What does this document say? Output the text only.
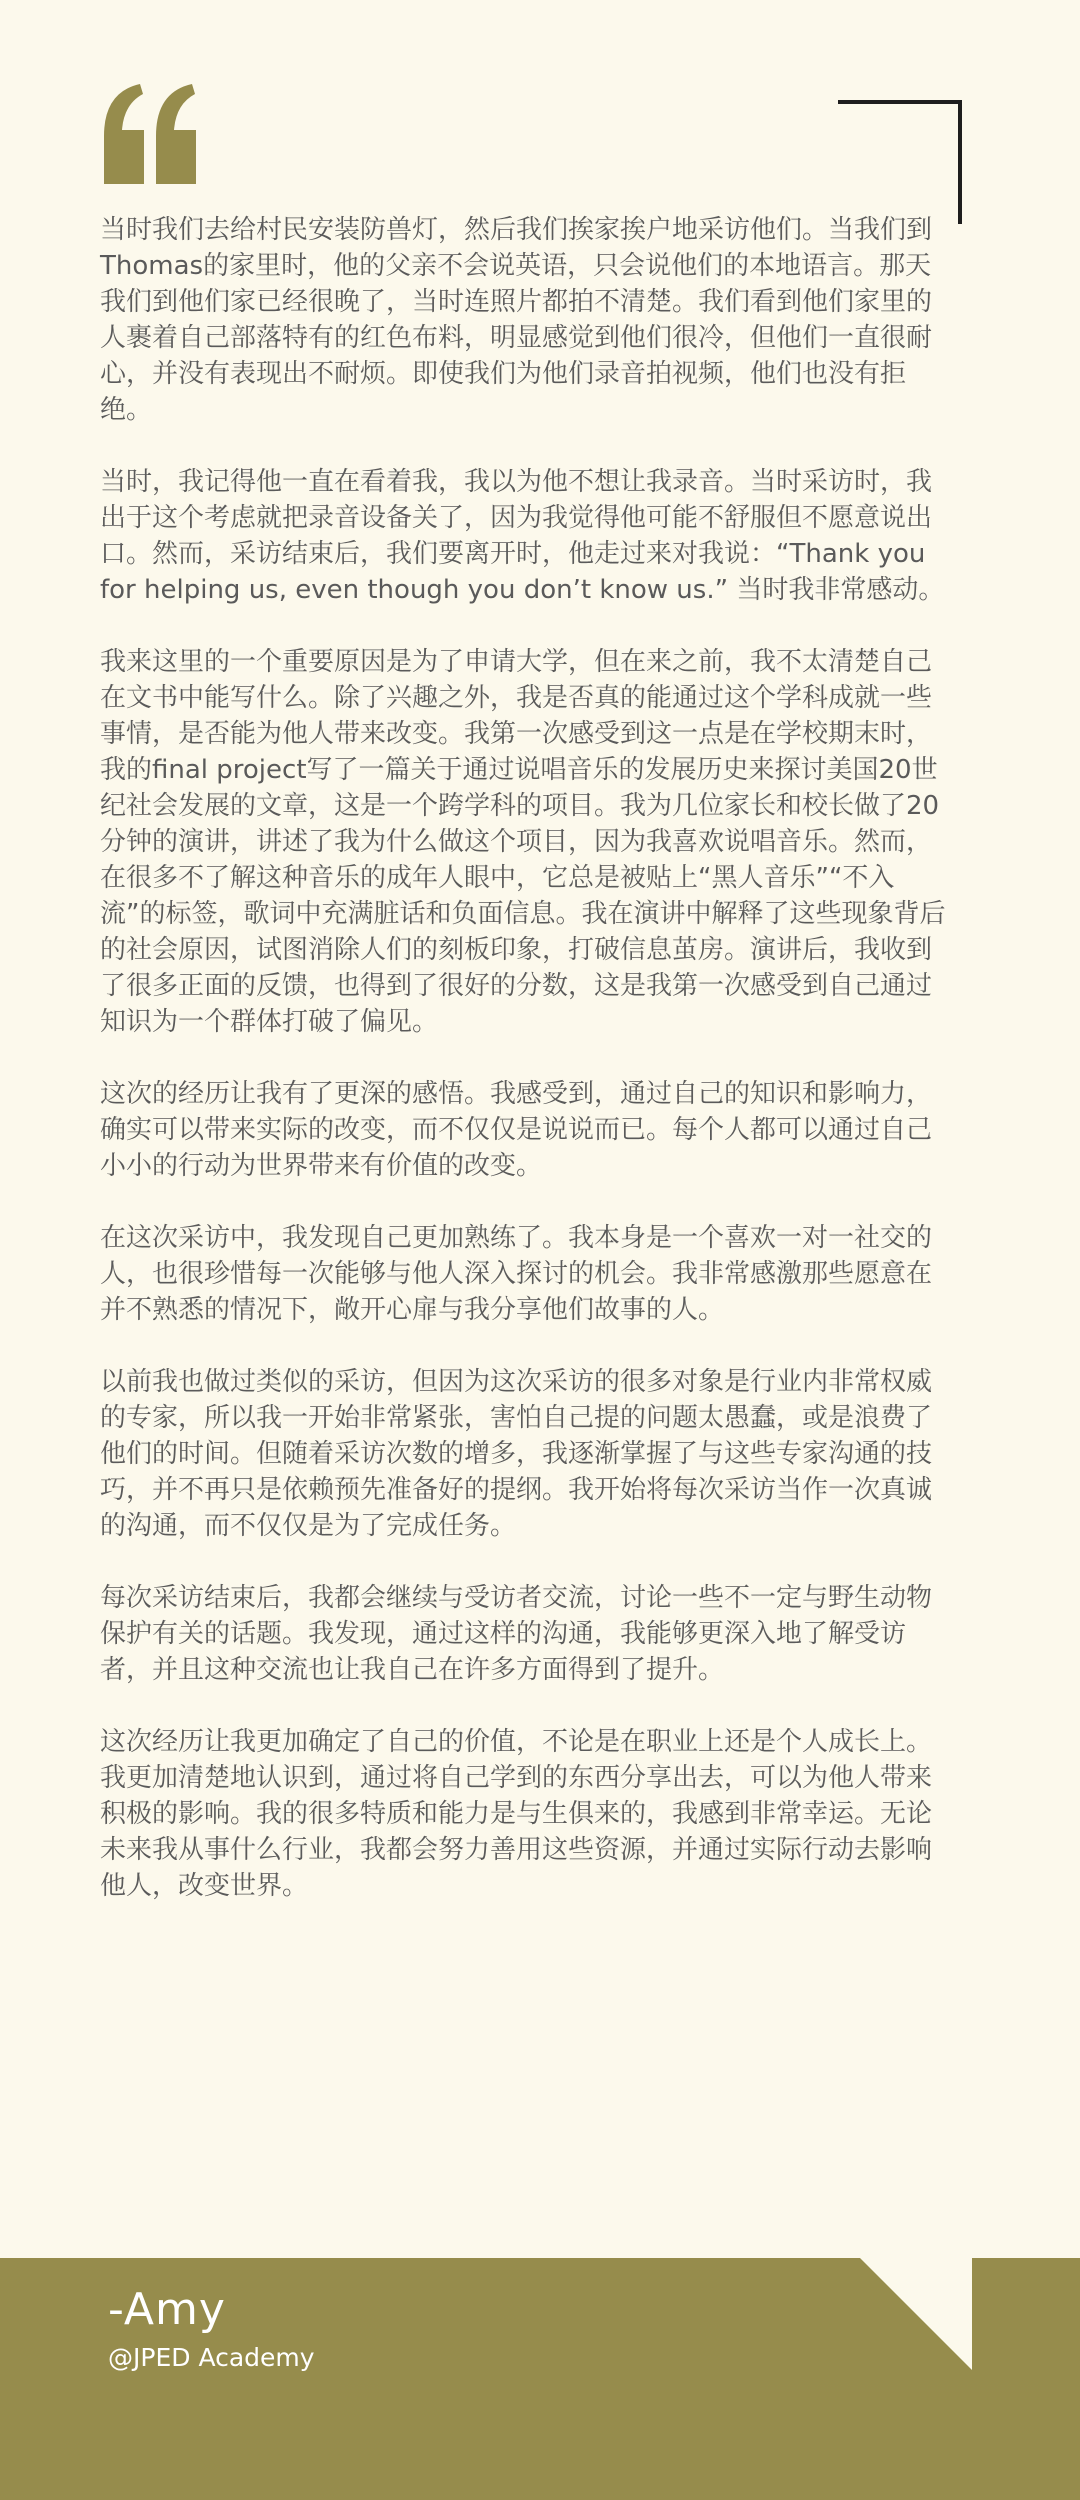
当时我们去给村民安装防兽灯，然后我们挨家挨户地采访他们。当我们到Thomas的家里时，他的父亲不会说英语，只会说他们的本地语言。那天我们到他们家已经很晚了，当时连照片都拍不清楚。我们看到他们家里的人裹着自己部落特有的红色布料，明显感觉到他们很冷，但他们一直很耐心，并没有表现出不耐烦。即使我们为他们录音拍视频，他们也没有拒绝。

当时，我记得他一直在看着我，我以为他不想让我录音。当时采访时，我出于这个考虑就把录音设备关了，因为我觉得他可能不舒服但不愿意说出口。然而，采访结束后，我们要离开时，他走过来对我说：“Thank you for helping us, even though you don’t know us.” 当时我非常感动。

我来这里的一个重要原因是为了申请大学，但在来之前，我不太清楚自己在文书中能写什么。除了兴趣之外，我是否真的能通过这个学科成就一些事情，是否能为他人带来改变。我第一次感受到这一点是在学校期末时，我的final project写了一篇关于通过说唱音乐的发展历史来探讨美国20世纪社会发展的文章，这是一个跨学科的项目。我为几位家长和校长做了20分钟的演讲，讲述了我为什么做这个项目，因为我喜欢说唱音乐。然而，在很多不了解这种音乐的成年人眼中，它总是被贴上“黑人音乐”“不入流”的标签，歌词中充满脏话和负面信息。我在演讲中解释了这些现象背后的社会原因，试图消除人们的刻板印象，打破信息茧房。演讲后，我收到了很多正面的反馈，也得到了很好的分数，这是我第一次感受到自己通过知识为一个群体打破了偏见。

这次的经历让我有了更深的感悟。我感受到，通过自己的知识和影响力，确实可以带来实际的改变，而不仅仅是说说而已。每个人都可以通过自己小小的行动为世界带来有价值的改变。

在这次采访中，我发现自己更加熟练了。我本身是一个喜欢一对一社交的人，也很珍惜每一次能够与他人深入探讨的机会。我非常感激那些愿意在并不熟悉的情况下，敞开心扉与我分享他们故事的人。

以前我也做过类似的采访，但因为这次采访的很多对象是行业内非常权威的专家，所以我一开始非常紧张，害怕自己提的问题太愚蠢，或是浪费了他们的时间。但随着采访次数的增多，我逐渐掌握了与这些专家沟通的技巧，并不再只是依赖预先准备好的提纲。我开始将每次采访当作一次真诚的沟通，而不仅仅是为了完成任务。

每次采访结束后，我都会继续与受访者交流，讨论一些不一定与野生动物保护有关的话题。我发现，通过这样的沟通，我能够更深入地了解受访者，并且这种交流也让我自己在许多方面得到了提升。

这次经历让我更加确定了自己的价值，不论是在职业上还是个人成长上。我更加清楚地认识到，通过将自己学到的东西分享出去，可以为他人带来积极的影响。我的很多特质和能力是与生俱来的，我感到非常幸运。无论未来我从事什么行业，我都会努力善用这些资源，并通过实际行动去影响他人，改变世界。

-Amy
@JPED Academy
